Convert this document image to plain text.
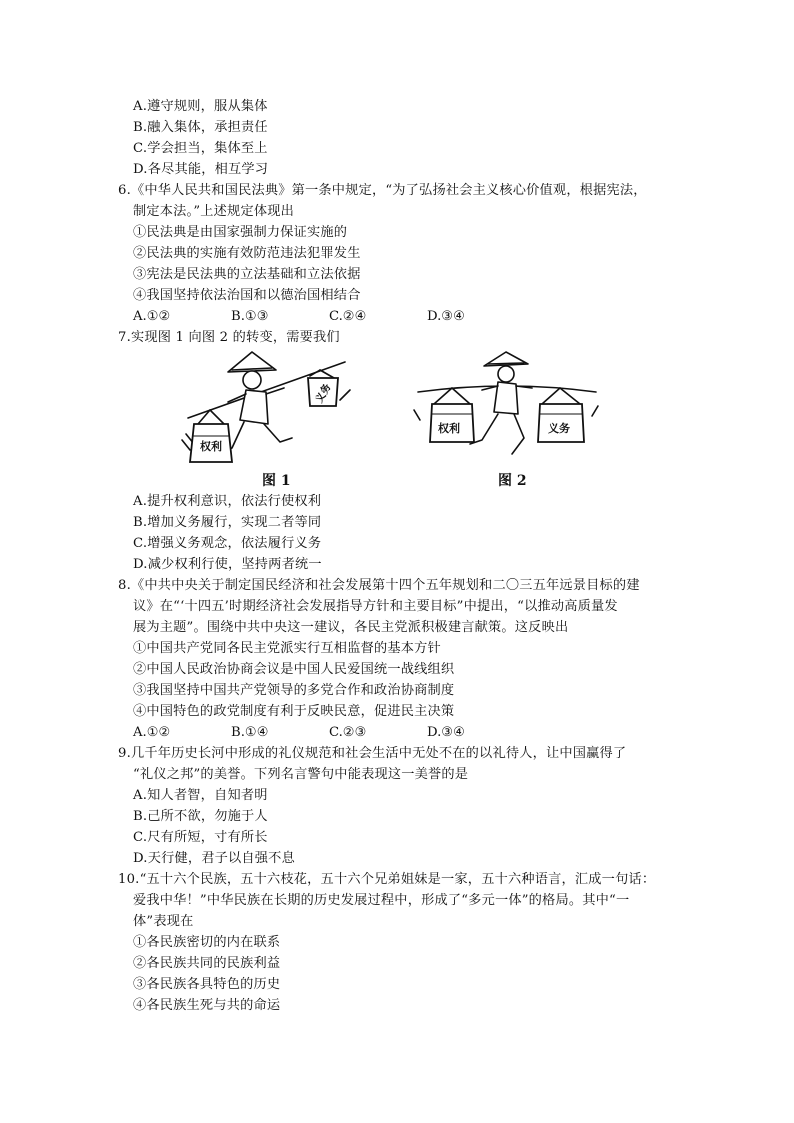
A.遵守规则，服从集体
B.融入集体，承担责任
C.学会担当，集体至上
D.各尽其能，相互学习
6.《中华人民共和国民法典》第一条中规定，“为了弘扬社会主义核心价值观，根据宪法，
制定本法。”上述规定体现出
①民法典是由国家强制力保证实施的
②民法典的实施有效防范违法犯罪发生
③宪法是民法典的立法基础和立法依据
④我国坚持依法治国和以德治国相结合
A.①②	B.①③	C.②④	D.③④
7.实现图 1 向图 2 的转变，需要我们
权利
义务
图 1
权利	义务
图 2
A.提升权利意识，依法行使权利
B.增加义务履行，实现二者等同
C.增强义务观念，依法履行义务
D.减少权利行使，坚持两者统一
8.《中共中央关于制定国民经济和社会发展第十四个五年规划和二〇三五年远景目标的建
议》在“‘十四五’时期经济社会发展指导方针和主要目标”中提出，“以推动高质量发
展为主题”。围绕中共中央这一建议，各民主党派积极建言献策。这反映出
①中国共产党同各民主党派实行互相监督的基本方针
②中国人民政治协商会议是中国人民爱国统一战线组织
③我国坚持中国共产党领导的多党合作和政治协商制度
④中国特色的政党制度有利于反映民意，促进民主决策
A.①②	B.①④	C.②③	D.③④
9.几千年历史长河中形成的礼仪规范和社会生活中无处不在的以礼待人，让中国赢得了
“礼仪之邦”的美誉。下列名言警句中能表现这一美誉的是
A.知人者智，自知者明
B.己所不欲，勿施于人
C.尺有所短，寸有所长
D.天行健，君子以自强不息
10.“五十六个民族，五十六枝花，五十六个兄弟姐妹是一家，五十六种语言，汇成一句话：
爱我中华！”中华民族在长期的历史发展过程中，形成了“多元一体”的格局。其中“一
体”表现在
①各民族密切的内在联系
②各民族共同的民族利益
③各民族各具特色的历史
④各民族生死与共的命运
